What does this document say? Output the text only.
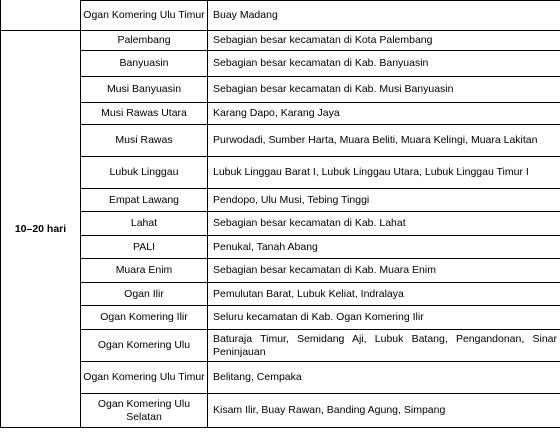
	Ogan Komering Ulu Timur	Buay Madang
10–20 hari	Palembang	Sebagian besar kecamatan di Kota Palembang
	Banyuasin	Sebagian besar kecamatan di Kab. Banyuasin
	Musi Banyuasin	Sebagian besar kecamatan di Kab. Musi Banyuasin
	Musi Rawas Utara	Karang Dapo, Karang Jaya
	Musi Rawas	Purwodadi, Sumber Harta, Muara Beliti, Muara Kelingi, Muara Lakitan
	Lubuk Linggau	Lubuk Linggau Barat I, Lubuk Linggau Utara, Lubuk Linggau Timur I
	Empat Lawang	Pendopo, Ulu Musi, Tebing Tinggi
	Lahat	Sebagian besar kecamatan di Kab. Lahat
	PALI	Penukal, Tanah Abang
	Muara Enim	Sebagian besar kecamatan di Kab. Muara Enim
	Ogan Ilir	Pemulutan Barat, Lubuk Keliat, Indralaya
	Ogan Komering Ilir	Seluru kecamatan di Kab. Ogan Komering Ilir
	Ogan Komering Ulu	Baturaja Timur, Semidang Aji, Lubuk Batang, Pengandonan, Sinar Peninjauan
	Ogan Komering Ulu Timur	Belitang, Cempaka
	Ogan Komering Ulu Selatan	Kisam Ilir, Buay Rawan, Banding Agung, Simpang
